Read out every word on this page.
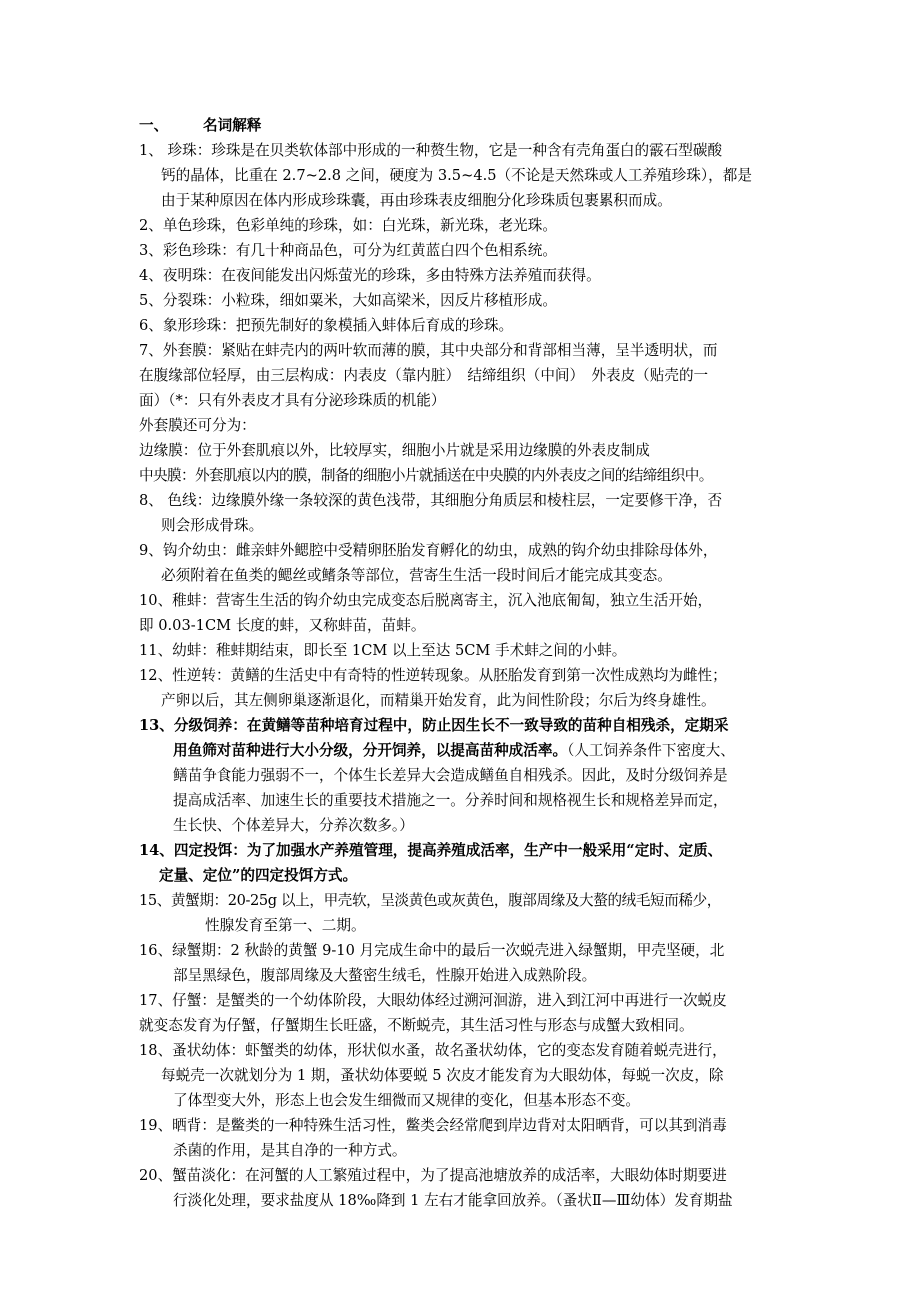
一、 名词解释
1、 珍珠：珍珠是在贝类软体部中形成的一种赘生物，它是一种含有壳角蛋白的霰石型碳酸
钙的晶体，比重在 2.7~2.8 之间，硬度为 3.5~4.5（不论是天然珠或人工养殖珍珠），都是
由于某种原因在体内形成珍珠囊，再由珍珠表皮细胞分化珍珠质包裹累积而成。
2、单色珍珠，色彩单纯的珍珠，如：白光珠，新光珠，老光珠。
3、彩色珍珠：有几十种商品色，可分为红黄蓝白四个色相系统。
4、夜明珠：在夜间能发出闪烁萤光的珍珠，多由特殊方法养殖而获得。
5、分裂珠：小粒珠，细如粟米，大如高梁米，因反片移植形成。
6、象形珍珠：把预先制好的象模插入蚌体后育成的珍珠。
7、外套膜：紧贴在蚌壳内的两叶软而薄的膜，其中央部分和背部相当薄，呈半透明状，而
在腹缘部位轻厚，由三层构成：内表皮（靠内脏）　结缔组织（中间）　外表皮（贴壳的一
面）（*：只有外表皮才具有分泌珍珠质的机能）
外套膜还可分为：
边缘膜：位于外套肌痕以外，比较厚实，细胞小片就是采用边缘膜的外表皮制成
中央膜：外套肌痕以内的膜，制备的细胞小片就插送在中央膜的内外表皮之间的结缔组织中。
8、 色线：边缘膜外缘一条较深的黄色浅带，其细胞分角质层和棱柱层，一定要修干净，否
则会形成骨珠。
9、钩介幼虫：雌亲蚌外鳃腔中受精卵胚胎发育孵化的幼虫，成熟的钩介幼虫排除母体外，
必须附着在鱼类的鳃丝或鳍条等部位，营寄生生活一段时间后才能完成其变态。
10、稚蚌：营寄生生活的钩介幼虫完成变态后脱离寄主，沉入池底匍匐，独立生活开始，
即 0.03-1CM 长度的蚌，又称蚌苗，苗蚌。
11、幼蚌：稚蚌期结束，即长至 1CM 以上至达 5CM 手术蚌之间的小蚌。
12、性逆转：黄鳝的生活史中有奇特的性逆转现象。从胚胎发育到第一次性成熟均为雌性；
产卵以后，其左侧卵巢逐渐退化，而精巢开始发育，此为间性阶段；尔后为终身雄性。
13、分级饲养：在黄鳝等苗种培育过程中，防止因生长不一致导致的苗种自相残杀，定期采
用鱼筛对苗种进行大小分级，分开饲养，以提高苗种成活率。（人工饲养条件下密度大、
鳝苗争食能力强弱不一，个体生长差异大会造成鳝鱼自相残杀。因此，及时分级饲养是
提高成活率、加速生长的重要技术措施之一。分养时间和规格视生长和规格差异而定，
生长快、个体差异大，分养次数多。）
14、四定投饵：为了加强水产养殖管理，提高养殖成活率，生产中一般采用“定时、定质、
定量、定位”的四定投饵方式。
15、黄蟹期：20-25g 以上，甲壳软，呈淡黄色或灰黄色，腹部周缘及大螯的绒毛短而稀少，
性腺发育至第一、二期。
16、绿蟹期：2 秋龄的黄蟹 9-10 月完成生命中的最后一次蜕壳进入绿蟹期，甲壳坚硬，北
部呈黑绿色，腹部周缘及大螯密生绒毛，性腺开始进入成熟阶段。
17、仔蟹：是蟹类的一个幼体阶段，大眼幼体经过溯河洄游，进入到江河中再进行一次蜕皮
就变态发育为仔蟹，仔蟹期生长旺盛，不断蜕壳，其生活习性与形态与成蟹大致相同。
18、蚤状幼体：虾蟹类的幼体，形状似水蚤，故名蚤状幼体，它的变态发育随着蜕壳进行，
每蜕壳一次就划分为 1 期，蚤状幼体要蜕 5 次皮才能发育为大眼幼体，每蜕一次皮，除
了体型变大外，形态上也会发生细微而又规律的变化，但基本形态不变。
19、晒背：是鳖类的一种特殊生活习性，鳖类会经常爬到岸边背对太阳晒背，可以其到消毒
杀菌的作用，是其自净的一种方式。
20、蟹苗淡化：在河蟹的人工繁殖过程中，为了提高池塘放养的成活率，大眼幼体时期要进
行淡化处理，要求盐度从 18‰降到 1 左右才能拿回放养。（蚤状Ⅱ—Ⅲ幼体）发育期盐
